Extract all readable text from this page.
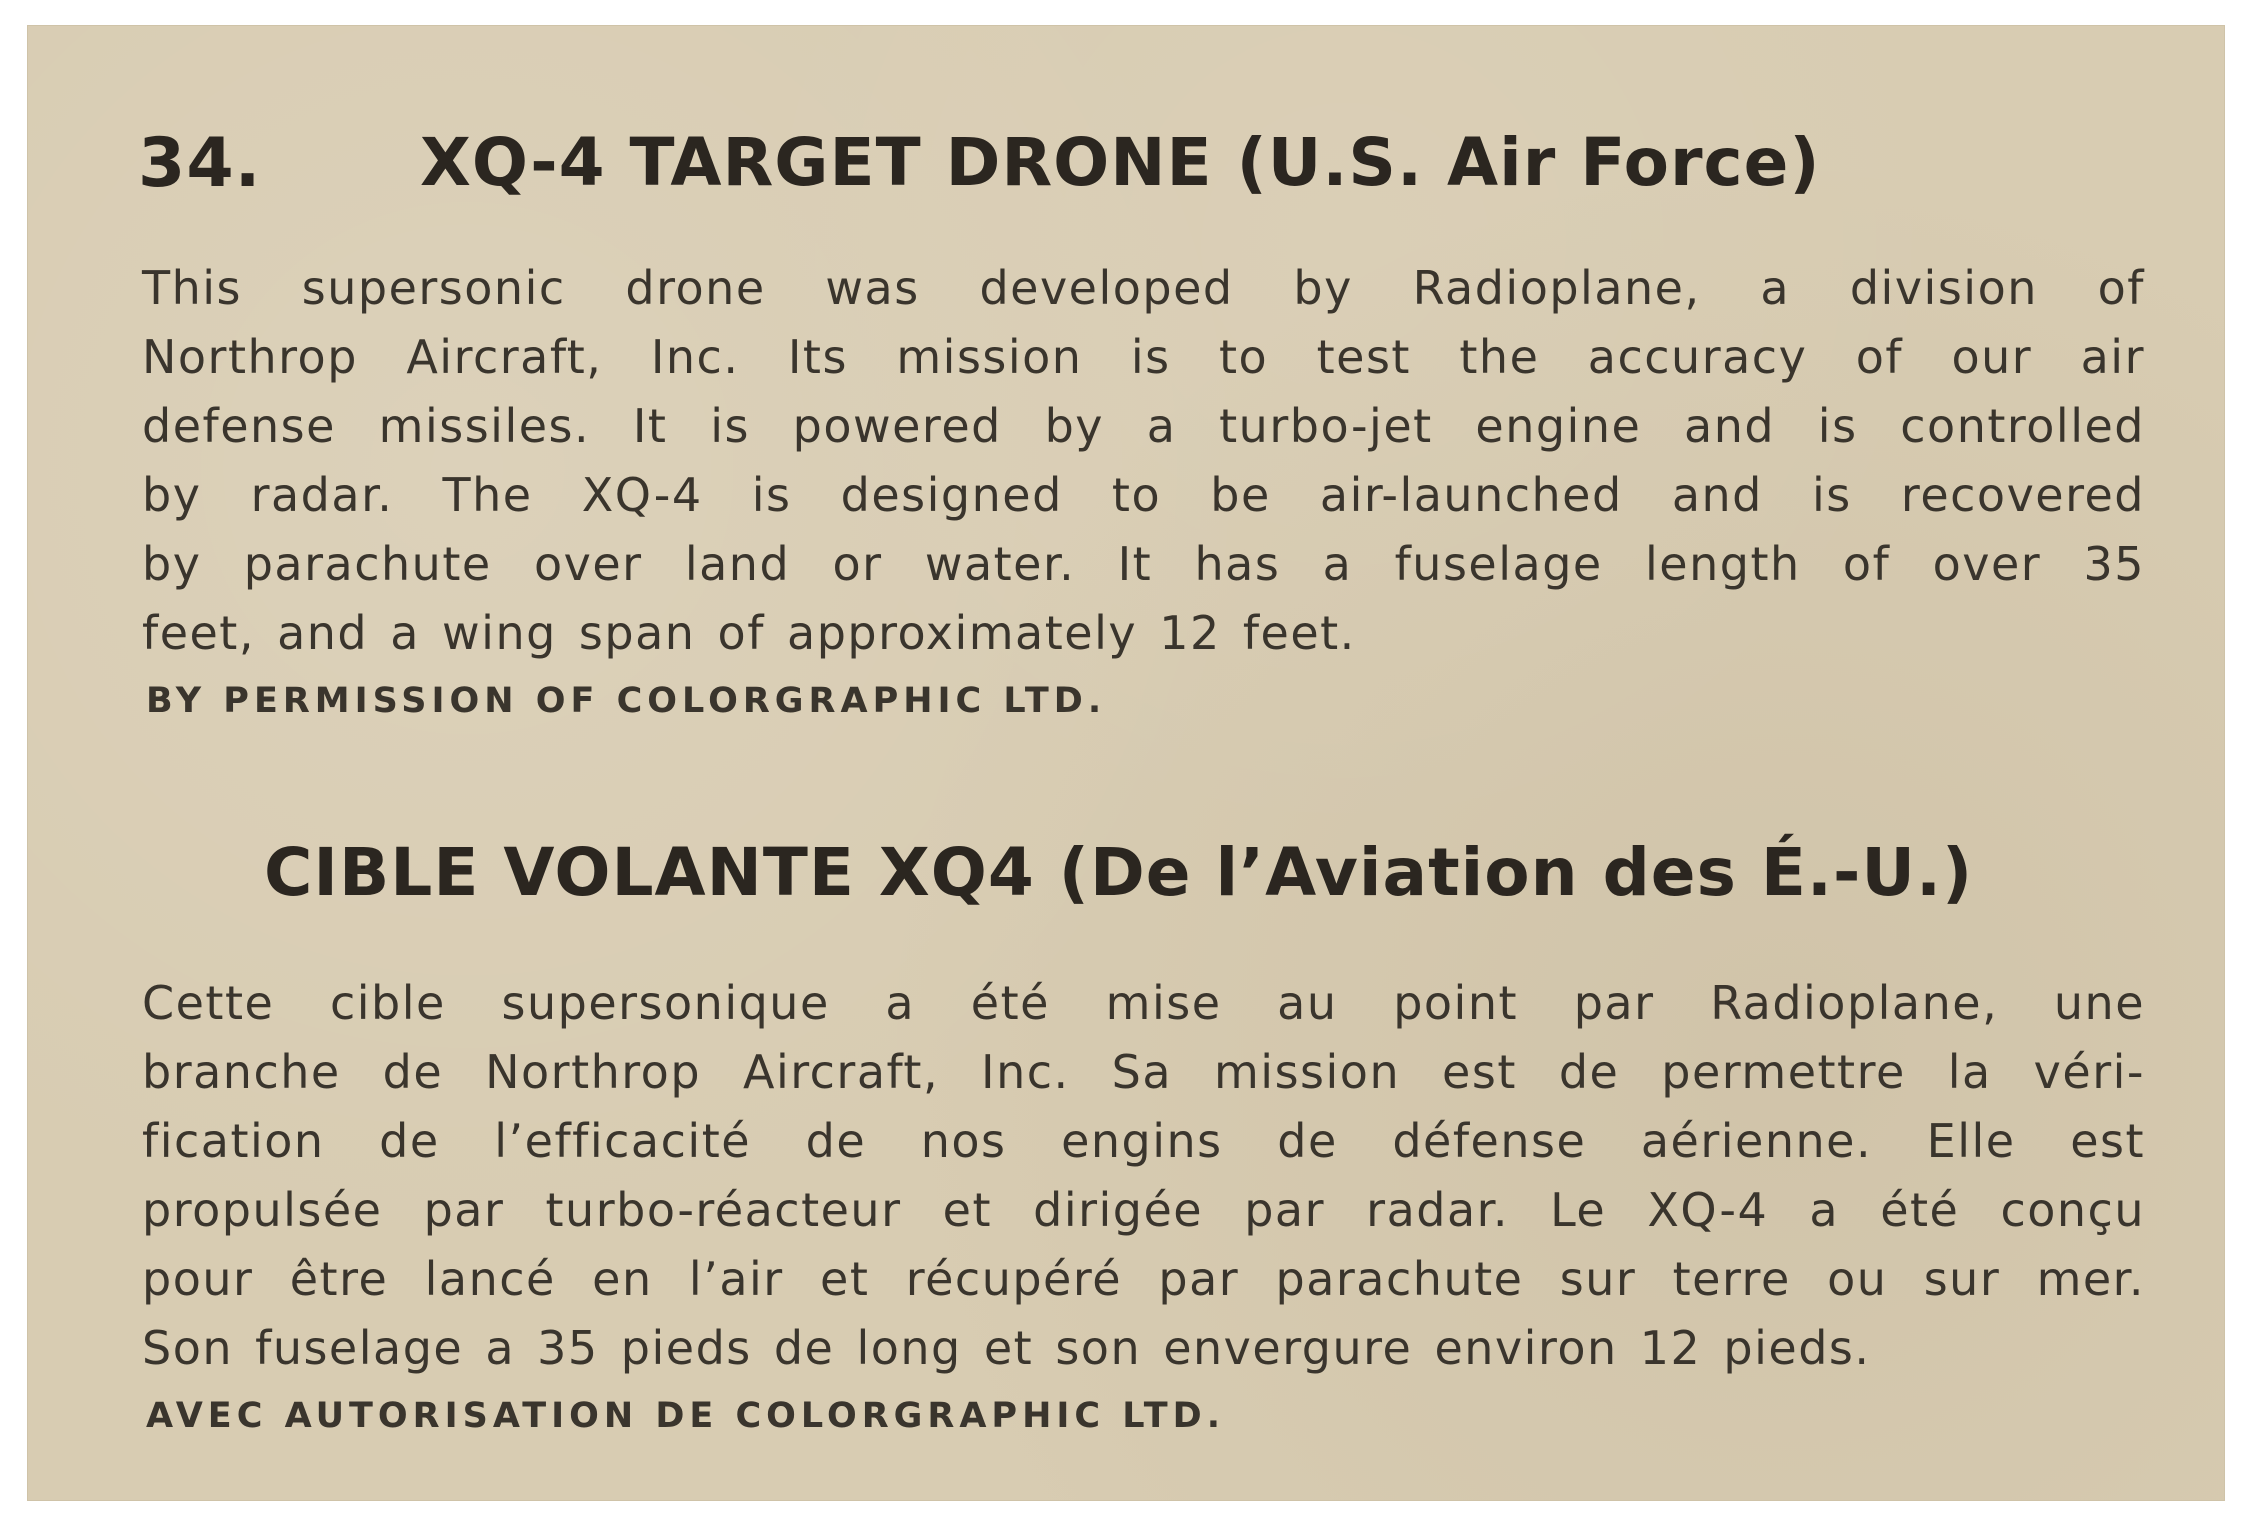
34. XQ-4 TARGET DRONE (U.S. Air Force)
This supersonic drone was developed by Radioplane, a division of
Northrop Aircraft, Inc. Its mission is to test the accuracy of our air
defense missiles. It is powered by a turbo-jet engine and is controlled
by radar. The XQ-4 is designed to be air-launched and is recovered
by parachute over land or water. It has a fuselage length of over 35
feet, and a wing span of approximately 12 feet.
BY PERMISSION OF COLORGRAPHIC LTD.
CIBLE VOLANTE XQ4 (De l’Aviation des É.-U.)
Cette cible supersonique a été mise au point par Radioplane, une
branche de Northrop Aircraft, Inc. Sa mission est de permettre la véri-
fication de l’efficacité de nos engins de défense aérienne. Elle est
propulsée par turbo-réacteur et dirigée par radar. Le XQ-4 a été conçu
pour être lancé en l’air et récupéré par parachute sur terre ou sur mer.
Son fuselage a 35 pieds de long et son envergure environ 12 pieds.
AVEC AUTORISATION DE COLORGRAPHIC LTD.
